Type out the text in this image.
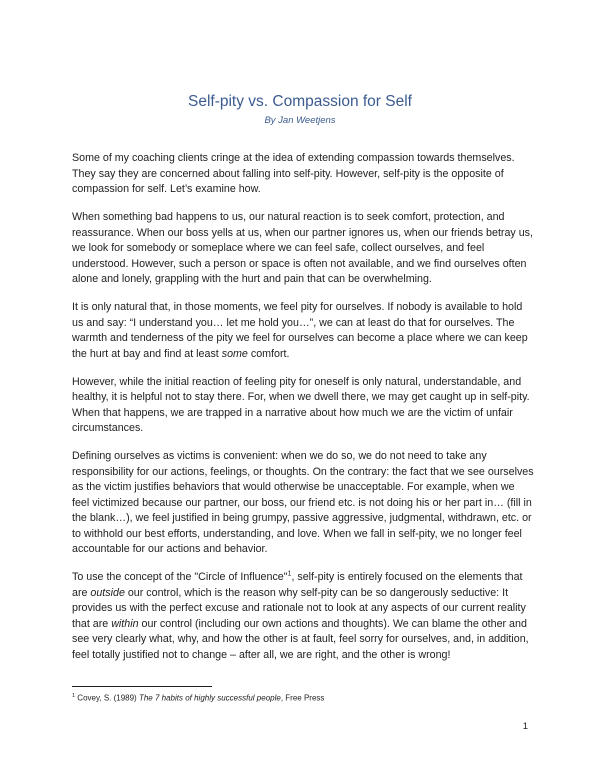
Self-pity vs. Compassion for Self
By Jan Weetjens

Some of my coaching clients cringe at the idea of extending compassion towards themselves. They say they are concerned about falling into self-pity. However, self-pity is the opposite of compassion for self. Let’s examine how.

When something bad happens to us, our natural reaction is to seek comfort, protection, and reassurance. When our boss yells at us, when our partner ignores us, when our friends betray us, we look for somebody or someplace where we can feel safe, collect ourselves, and feel understood. However, such a person or space is often not available, and we find ourselves often alone and lonely, grappling with the hurt and pain that can be overwhelming.

It is only natural that, in those moments, we feel pity for ourselves. If nobody is available to hold us and say: “I understand you… let me hold you…”, we can at least do that for ourselves. The warmth and tenderness of the pity we feel for ourselves can become a place where we can keep the hurt at bay and find at least some comfort.

However, while the initial reaction of feeling pity for oneself is only natural, understandable, and healthy, it is helpful not to stay there. For, when we dwell there, we may get caught up in self-pity. When that happens, we are trapped in a narrative about how much we are the victim of unfair circumstances.

Defining ourselves as victims is convenient: when we do so, we do not need to take any responsibility for our actions, feelings, or thoughts. On the contrary: the fact that we see ourselves as the victim justifies behaviors that would otherwise be unacceptable. For example, when we feel victimized because our partner, our boss, our friend etc. is not doing his or her part in… (fill in the blank…), we feel justified in being grumpy, passive aggressive, judgmental, withdrawn, etc. or to withhold our best efforts, understanding, and love. When we fall in self-pity, we no longer feel accountable for our actions and behavior.

To use the concept of the "Circle of Influence"$^1$, self-pity is entirely focused on the elements that are outside our control, which is the reason why self-pity can be so dangerously seductive: It provides us with the perfect excuse and rationale not to look at any aspects of our current reality that are within our control (including our own actions and thoughts). We can blame the other and see very clearly what, why, and how the other is at fault, feel sorry for ourselves, and, in addition, feel totally justified not to change – after all, we are right, and the other is wrong!

$^1$ Covey, S. (1989) The 7 habits of highly successful people, Free Press
1
